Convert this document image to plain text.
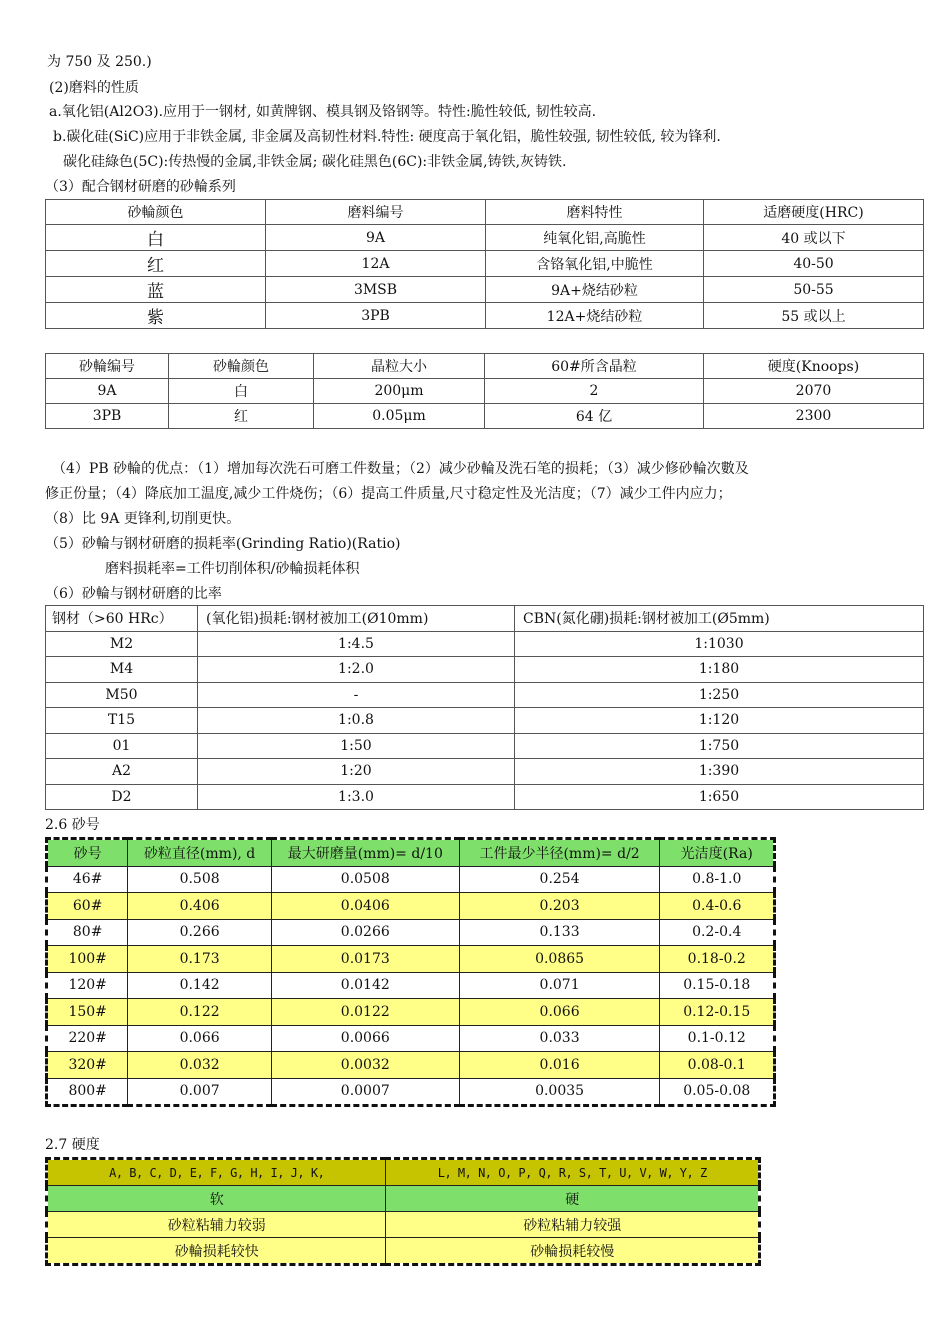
为 750 及 250.)
(2)磨料的性质
a.氧化铝(Al2O3).应用于一钢材, 如黄牌钢、模具钢及铬钢等。特性:脆性较低, 韧性较高.
b.碳化硅(SiC)应用于非铁金属, 非金属及高韧性材料.特性: 硬度高于氧化铝，脆性较强, 韧性较低, 较为锋利.
碳化硅綠色(5C):传热慢的金属,非铁金属; 碳化硅黑色(6C):非铁金属,铸铁,灰铸铁.
（3）配合钢材研磨的砂輪系列
砂輪颜色	磨料编号	磨料特性	适磨硬度(HRC)
白	9A	纯氧化铝,高脆性	40 或以下
红	12A	含铬氧化铝,中脆性	40-50
蓝	3MSB	9A+烧结砂粒	50-55
紫	3PB	12A+烧结砂粒	55 或以上
砂輪编号	砂輪颜色	晶粒大小	60#所含晶粒	硬度(Knoops)
9A	白	200μm	2	2070
3PB	红	0.05μm	64 亿	2300
（4）PB 砂輪的优点：（1）增加每次洗石可磨工件数量；（2）减少砂輪及洗石笔的损耗；（3）减少修砂輪次數及
修正份量；（4）降底加工温度,减少工件烧伤；（6）提高工件质量,尺寸稳定性及光洁度；（7）减少工件内应力；
（8）比 9A 更锋利,切削更快。
（5）砂輪与钢材研磨的损耗率(Grinding Ratio)(Ratio)
磨料损耗率=工件切削体积/砂輪损耗体积
（6）砂輪与钢材研磨的比率
钢材（>60 HRc）	(氧化铝)损耗:钢材被加工(Ø10mm)	CBN(氮化硼)损耗:钢材被加工(Ø5mm)
M2	1:4.5	1:1030
M4	1:2.0	1:180
M50	-	1:250
T15	1:0.8	1:120
01	1:50	1:750
A2	1:20	1:390
D2	1:3.0	1:650
2.6 砂号
砂号	砂粒直径(mm), d	最大研磨量(mm)= d/10	工件最少半径(mm)= d/2	光洁度(Ra)
46#	0.508	0.0508	0.254	0.8-1.0
60#	0.406	0.0406	0.203	0.4-0.6
80#	0.266	0.0266	0.133	0.2-0.4
100#	0.173	0.0173	0.0865	0.18-0.2
120#	0.142	0.0142	0.071	0.15-0.18
150#	0.122	0.0122	0.066	0.12-0.15
220#	0.066	0.0066	0.033	0.1-0.12
320#	0.032	0.0032	0.016	0.08-0.1
800#	0.007	0.0007	0.0035	0.05-0.08
2.7 硬度
A, B, C, D, E, F, G, H, I, J, K,	L, M, N, O, P, Q, R, S, T, U, V, W, Y, Z
软	硬
砂粒粘辅力较弱	砂粒粘辅力较强
砂輪损耗较快	砂輪损耗较慢
